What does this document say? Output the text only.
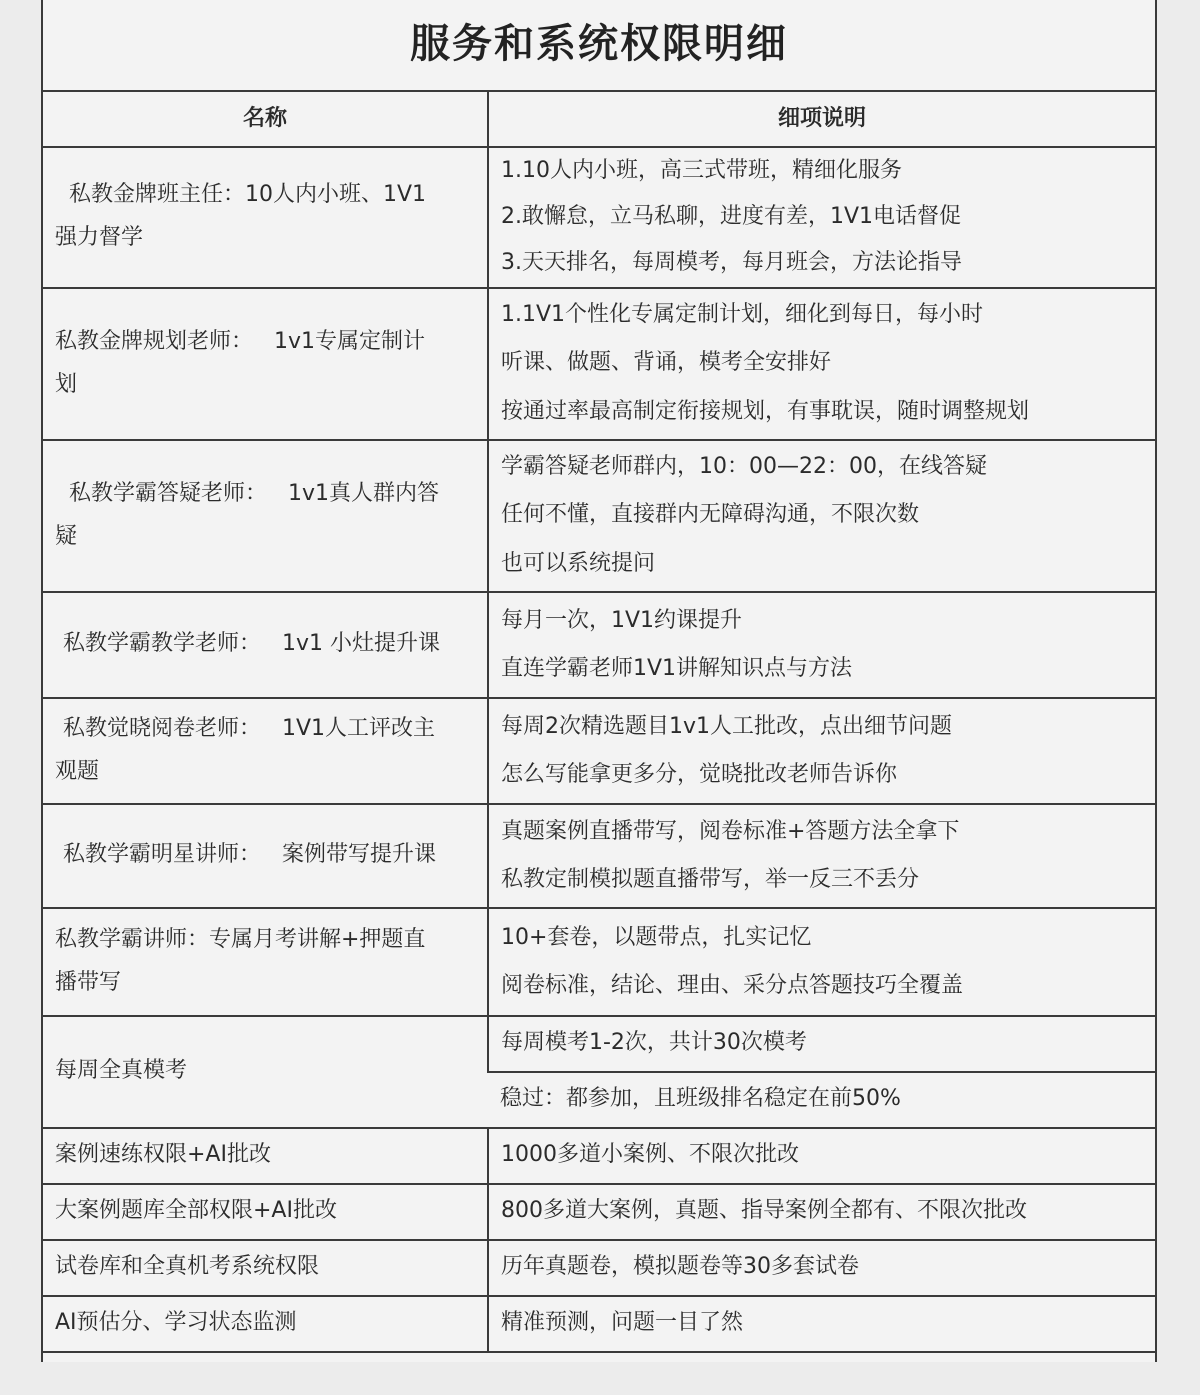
服务和系统权限明细
名称	细项说明

私教金牌班主任：10人内小班、1V1
强力督学	1.10人内小班，高三式带班，精细化服务
2.敢懈怠，立马私聊，进度有差，1V1电话督促
3.天天排名，每周模考，每月班会，方法论指导

私教金牌规划老师：   1v1专属定制计
划	1.1V1个性化专属定制计划，细化到每日，每小时
听课、做题、背诵，模考全安排好
按通过率最高制定衔接规划，有事耽误，随时调整规划

私教学霸答疑老师：   1v1真人群内答
疑	学霸答疑老师群内，10：00—22：00，在线答疑
任何不懂，直接群内无障碍沟通，不限次数
也可以系统提问

私教学霸教学老师：   1v1 小灶提升课	每月一次，1V1约课提升
直连学霸老师1V1讲解知识点与方法

私教觉晓阅卷老师：   1V1人工评改主
观题	每周2次精选题目1v1人工批改，点出细节问题
怎么写能拿更多分，觉晓批改老师告诉你

私教学霸明星讲师：   案例带写提升课	真题案例直播带写，阅卷标准+答题方法全拿下
私教定制模拟题直播带写，举一反三不丢分

私教学霸讲师：专属月考讲解+押题直
播带写	10+套卷，以题带点，扎实记忆
阅卷标准，结论、理由、采分点答题技巧全覆盖

每周全真模考	每周模考1-2次，共计30次模考

	稳过：都参加，且班级排名稳定在前50%

案例速练权限+AI批改	1000多道小案例、不限次批改

大案例题库全部权限+AI批改	800多道大案例，真题、指导案例全都有、不限次批改

试卷库和全真机考系统权限	历年真题卷，模拟题卷等30多套试卷

AI预估分、学习状态监测	精准预测，问题一目了然
